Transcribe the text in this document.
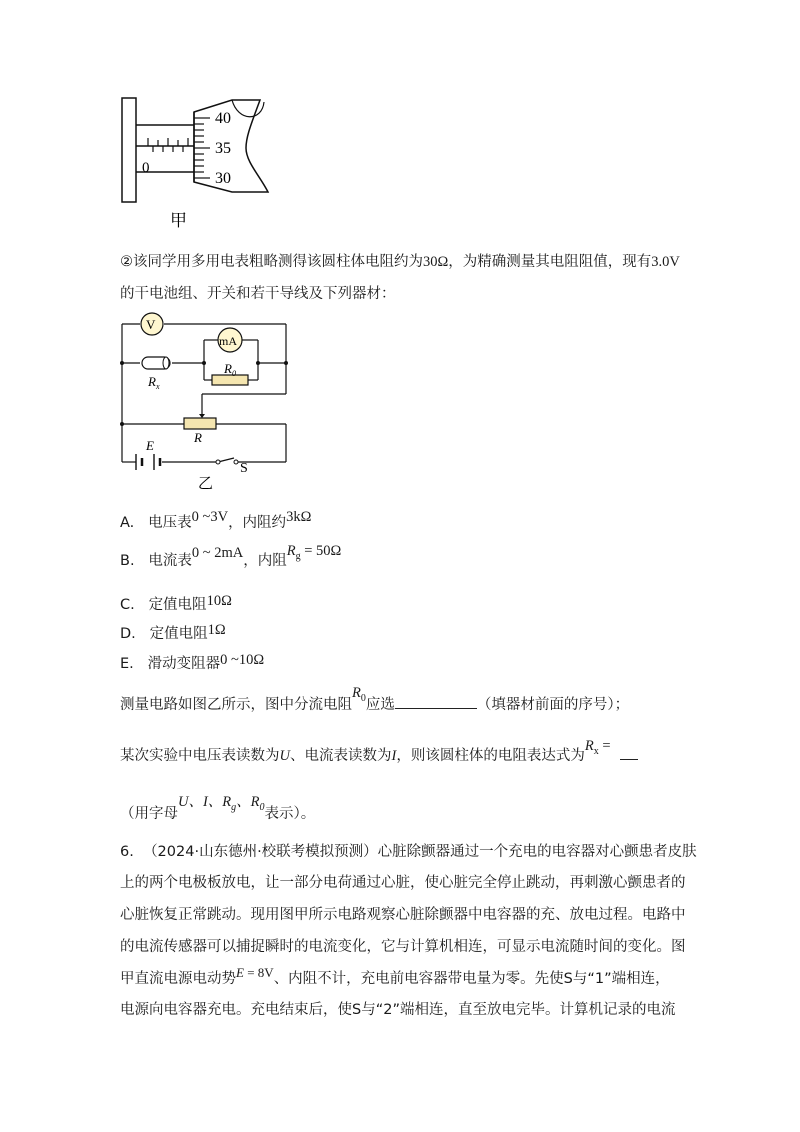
40
35
30
0
甲
②该同学用多用电表粗略测得该圆柱体电阻约为30Ω，为精确测量其电阻阻值，现有3.0V
的干电池组、开关和若干导线及下列器材：
V
$R_x$
mA
$R_0$
R
E
S
乙
A. 电压表0 ~3V，内阻约3kΩ
B. 电流表0 ~ 2mA，内阻$R_g = 50\Omega$
C. 定值电阻10Ω
D. 定值电阻1Ω
E. 滑动变阻器0 ~10Ω
测量电路如图乙所示，图中分流电阻$R_0$应选	（填器材前面的序号）；
某次实验中电压表读数为U、电流表读数为I，则该圆柱体的电阻表达式为$R_x$ =
（用字母U、I、$R_g$、$R_0$表示）。
6. （2024·山东德州·校联考模拟预测）心脏除颤器通过一个充电的电容器对心颤患者皮肤
上的两个电极板放电，让一部分电荷通过心脏，使心脏完全停止跳动，再刺激心颤患者的
心脏恢复正常跳动。现用图甲所示电路观察心脏除颤器中电容器的充、放电过程。电路中
的电流传感器可以捕捉瞬时的电流变化，它与计算机相连，可显示电流随时间的变化。图
甲直流电源电动势E = 8V、内阻不计，充电前电容器带电量为零。先使S与“1”端相连，
电源向电容器充电。充电结束后，使S与“2”端相连，直至放电完毕。计算机记录的电流
